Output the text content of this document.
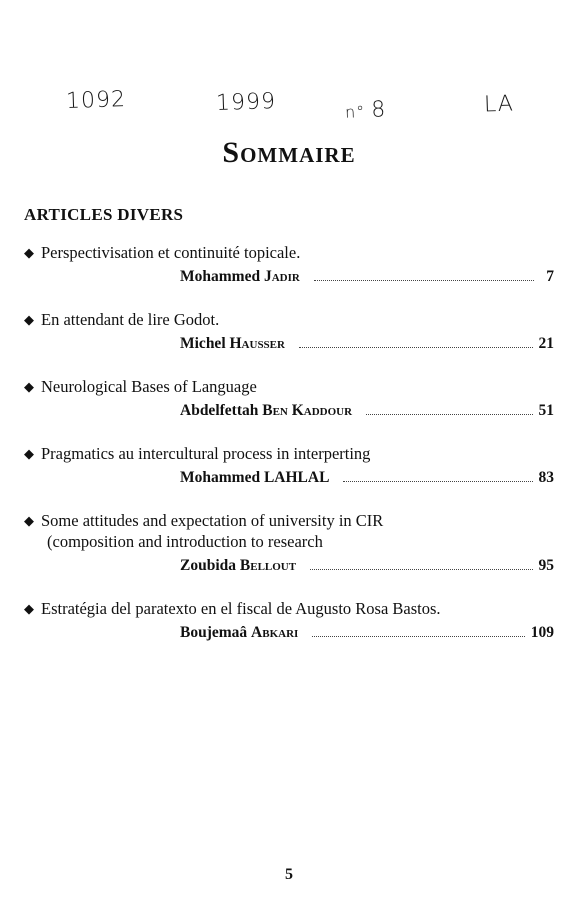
1092	1999	n° 8	LA
Sommaire
ARTICLES DIVERS
◆ Perspectivisation et continuité topicale.
Mohammed
Jadir	7
◆ En attendant de lire Godot.
Michel
Hausser	21
◆ Neurological Bases of Language
Abdelfettah
Ben Kaddour	51
◆ Pragmatics au intercultural process in interperting
Mohammed
LAHLAL	83
◆ Some attitudes and expectation of university in CIR
(composition and introduction to research
Zoubida
Bellout	95
◆ Estratégia del paratexto en el fiscal de Augusto Rosa Bastos.
Boujemaâ
Abkari	109
5
